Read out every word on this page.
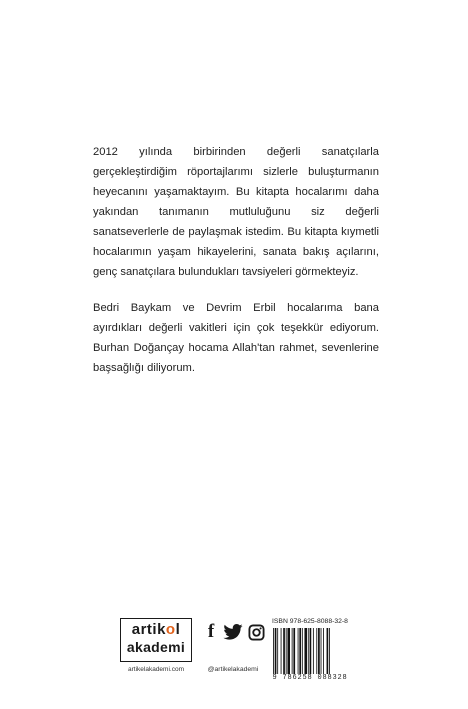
2012 yılında birbirinden değerli sanatçılarla gerçekleştirdiğim röportajlarımı sizlerle buluşturmanın heyecanını yaşamaktayım. Bu kitapta hocalarımı daha yakından tanımanın mutluluğunu siz değerli sanatseverlerle de paylaşmak istedim. Bu kitapta kıymetli hocalarımın yaşam hikayelerini, sanata bakış açılarını, genç sanatçılara bulundukları tavsiyeleri görmekteyiz.

Bedri Baykam ve Devrim Erbil hocalarıma bana ayırdıkları değerli vakitleri için çok teşekkür ediyorum. Burhan Doğançay hocama Allah'tan rahmet, sevenlerine başsağlığı diliyorum.

artikol
akademi
artikelakademi.com
f
@artikelakademi
ISBN 978-625-8088-32-8
9 786258 088328
